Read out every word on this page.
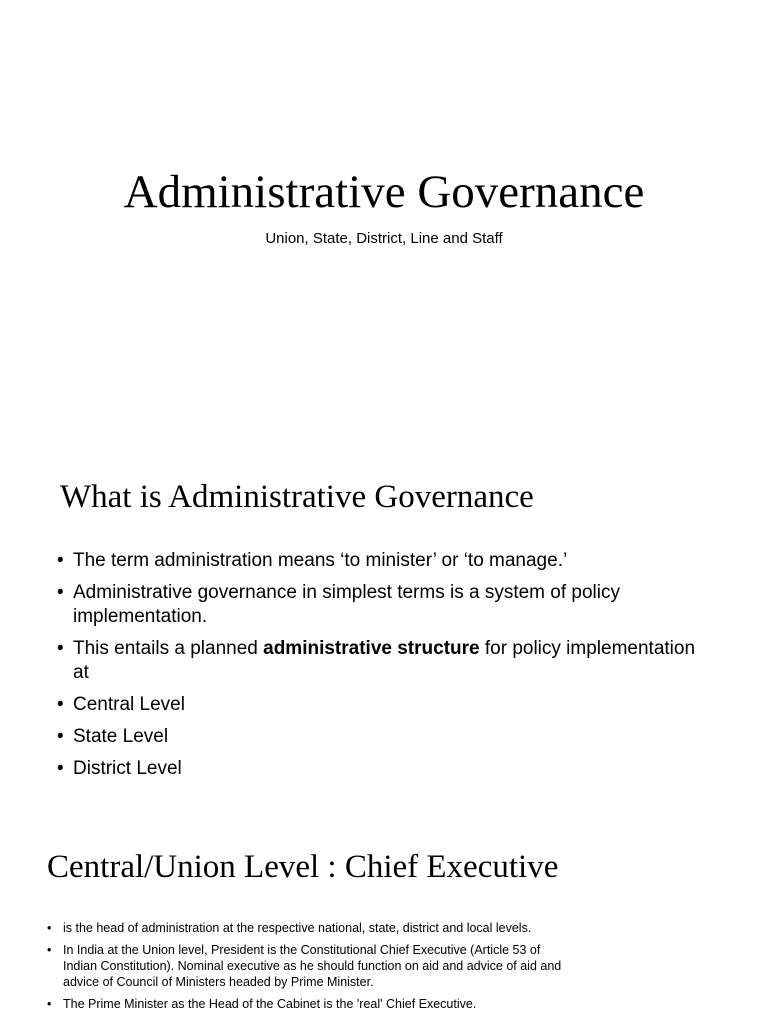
Administrative Governance
Union, State, District, Line and Staff
What is Administrative Governance
• The term administration means ‘to minister’ or ‘to manage.’
• Administrative governance in simplest terms is a system of policy implementation.
• This entails a planned administrative structure for policy implementation at
• Central Level
• State Level
• District Level
Central/Union Level : Chief Executive
• is the head of administration at the respective national, state, district and local levels.
• In India at the Union level, President is the Constitutional Chief Executive (Article 53 of Indian Constitution). Nominal executive as he should function on aid and advice of aid and advice of Council of Ministers headed by Prime Minister.
• The Prime Minister as the Head of the Cabinet is the 'real' Chief Executive.
